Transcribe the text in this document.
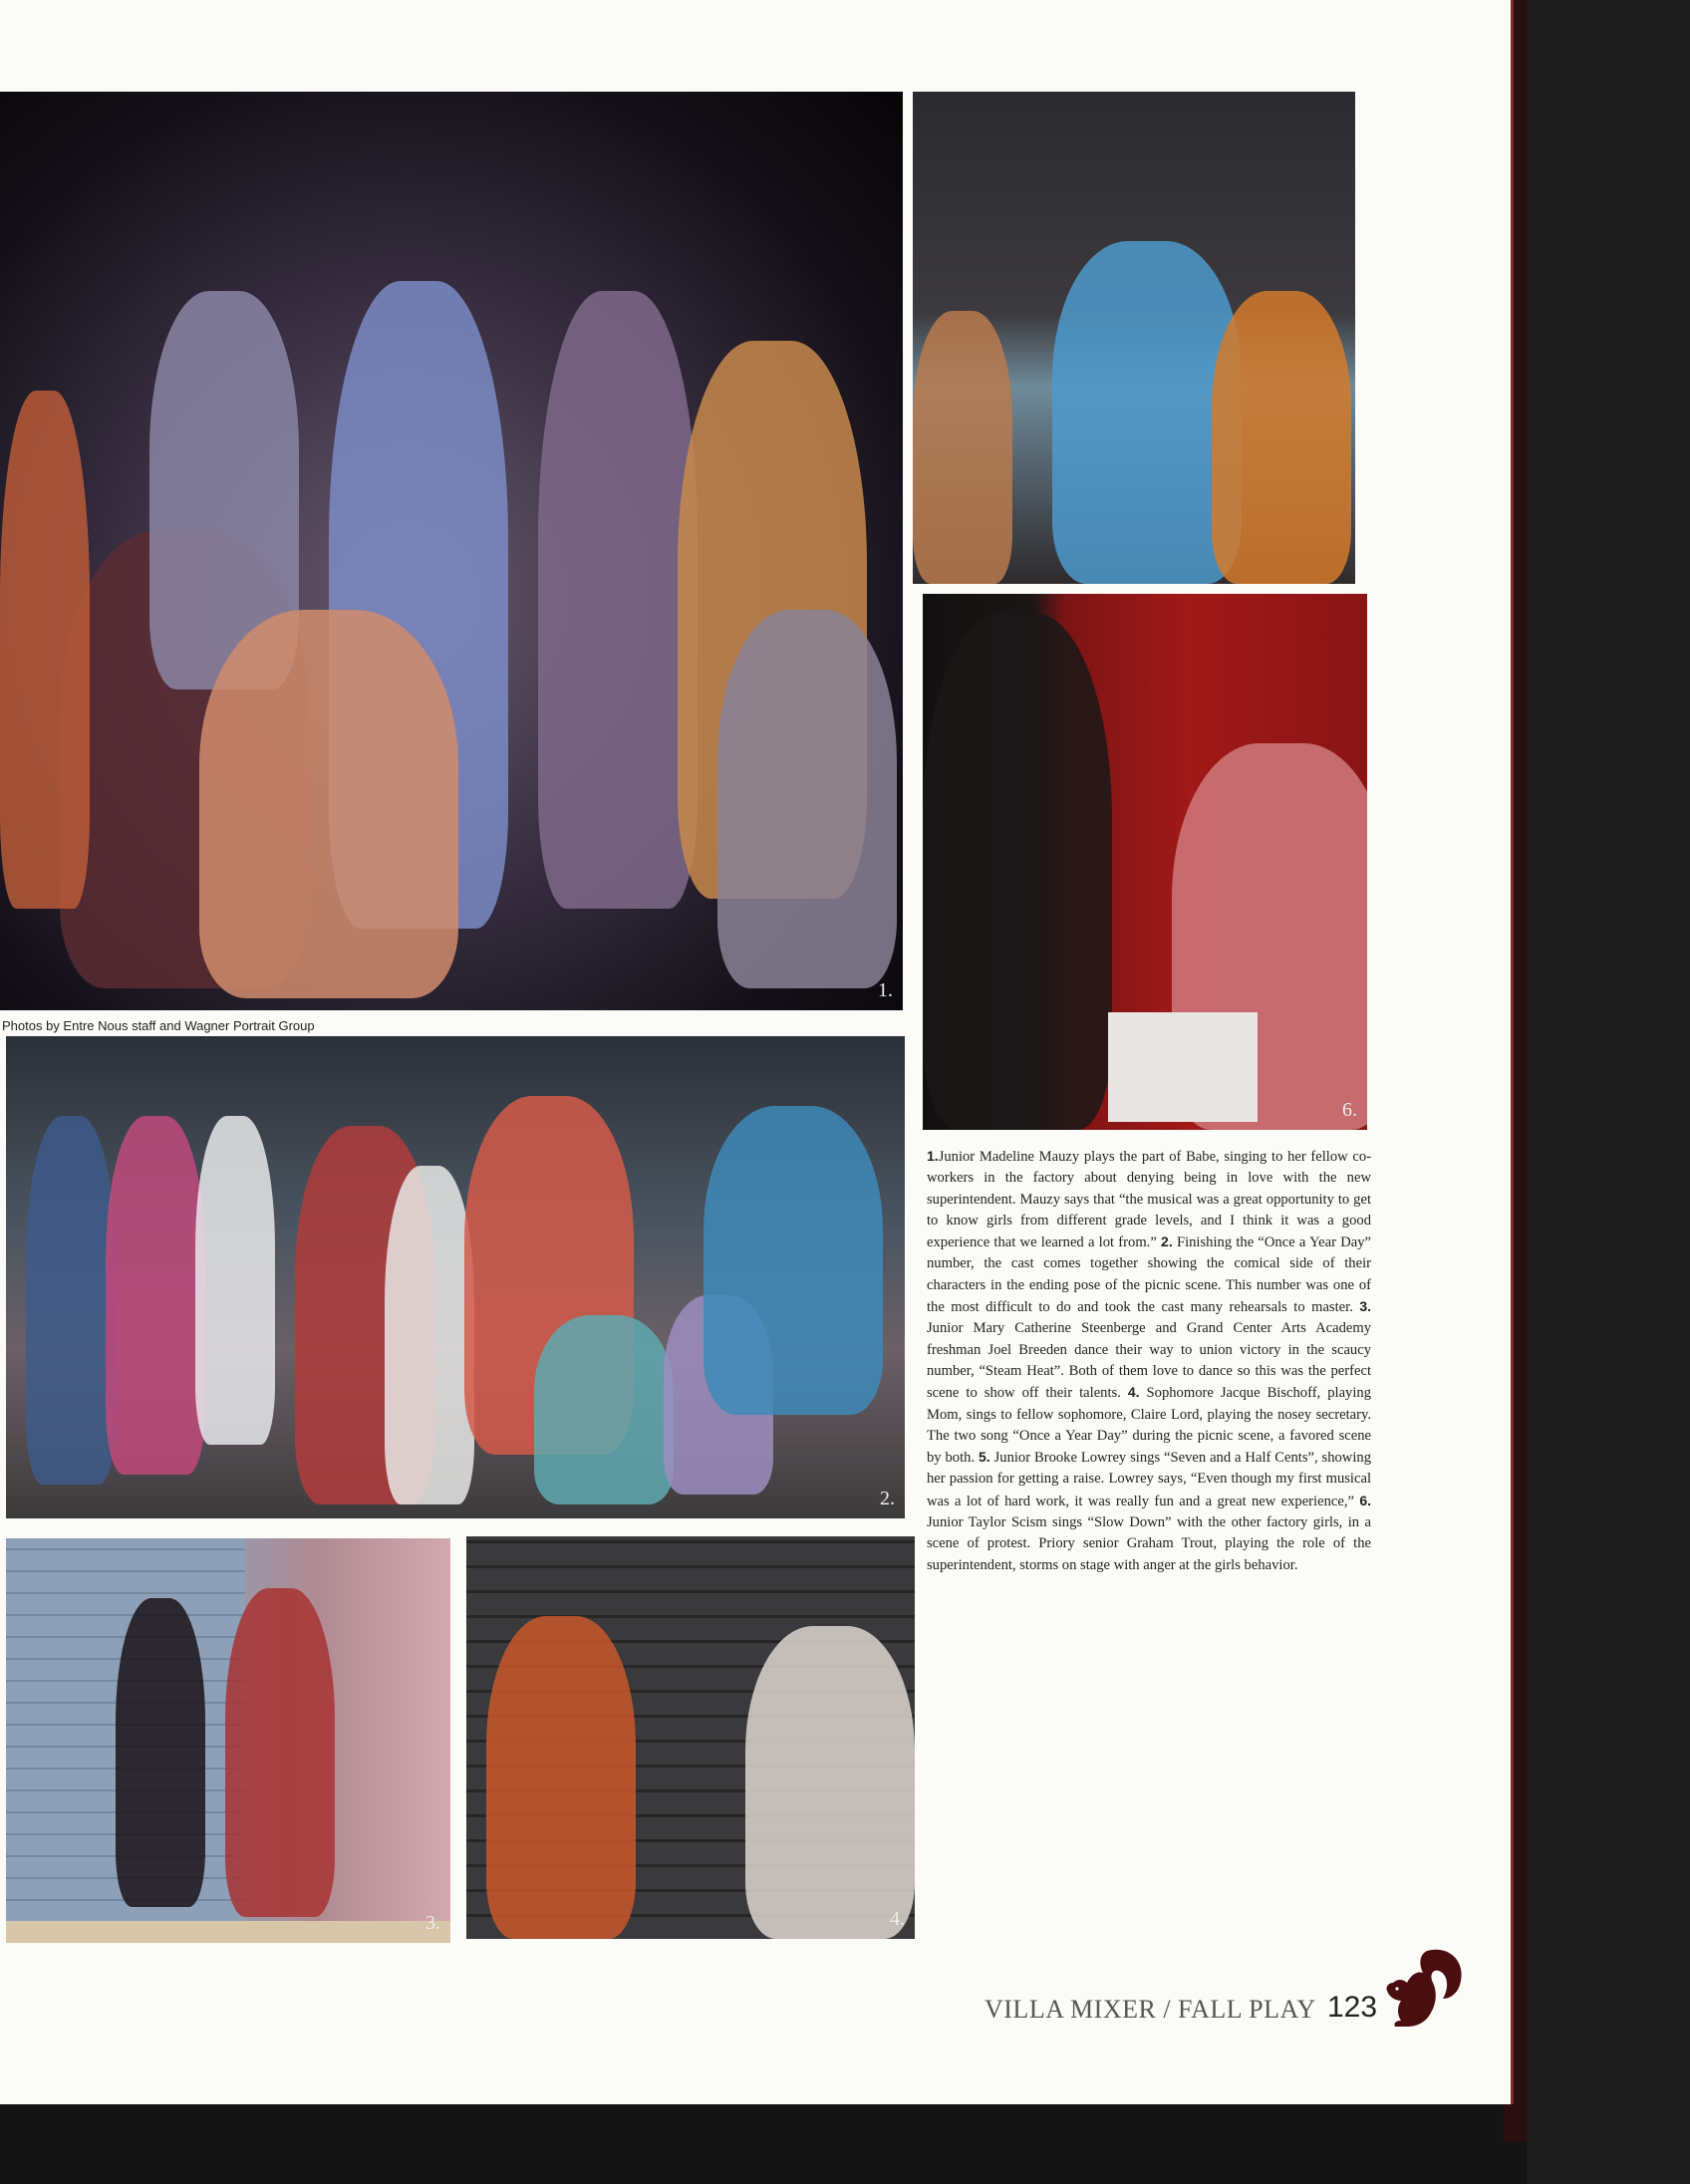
1.
6.
2.
3.	4.
Photos by Entre Nous staff and Wagner Portrait Group

1.Junior Madeline Mauzy plays the part of Babe, singing to her fellow co-workers in the factory about denying being in love with the new superintendent. Mauzy says that “the musical was a great opportunity to get to know girls from different grade levels, and I think it was a good experience that we learned a lot from.” 2. Finishing the “Once a Year Day” number, the cast comes together showing the comical side of their characters in the ending pose of the picnic scene. This number was one of the most difficult to do and took the cast many rehearsals to master. 3. Junior Mary Catherine Steenberge and Grand Center Arts Academy freshman Joel Breeden dance their way to union victory in the scaucy number, “Steam Heat”. Both of them love to dance so this was the perfect scene to show off their talents. 4. Sophomore Jacque Bischoff, playing Mom, sings to fellow sophomore, Claire Lord, playing the nosey secretary. The two song “Once a Year Day” during the picnic scene, a favored scene by both. 5. Junior Brooke Lowrey sings “Seven and a Half Cents”, showing her passion for getting a raise. Lowrey says, “Even though my first musical was a lot of hard work, it was really fun and a great new experience,” 6. Junior Taylor Scism sings “Slow Down” with the other factory girls, in a scene of protest. Priory senior Graham Trout, playing the role of the superintendent, storms on stage with anger at the girls behavior.

VILLA MIXER / FALL PLAY 123
